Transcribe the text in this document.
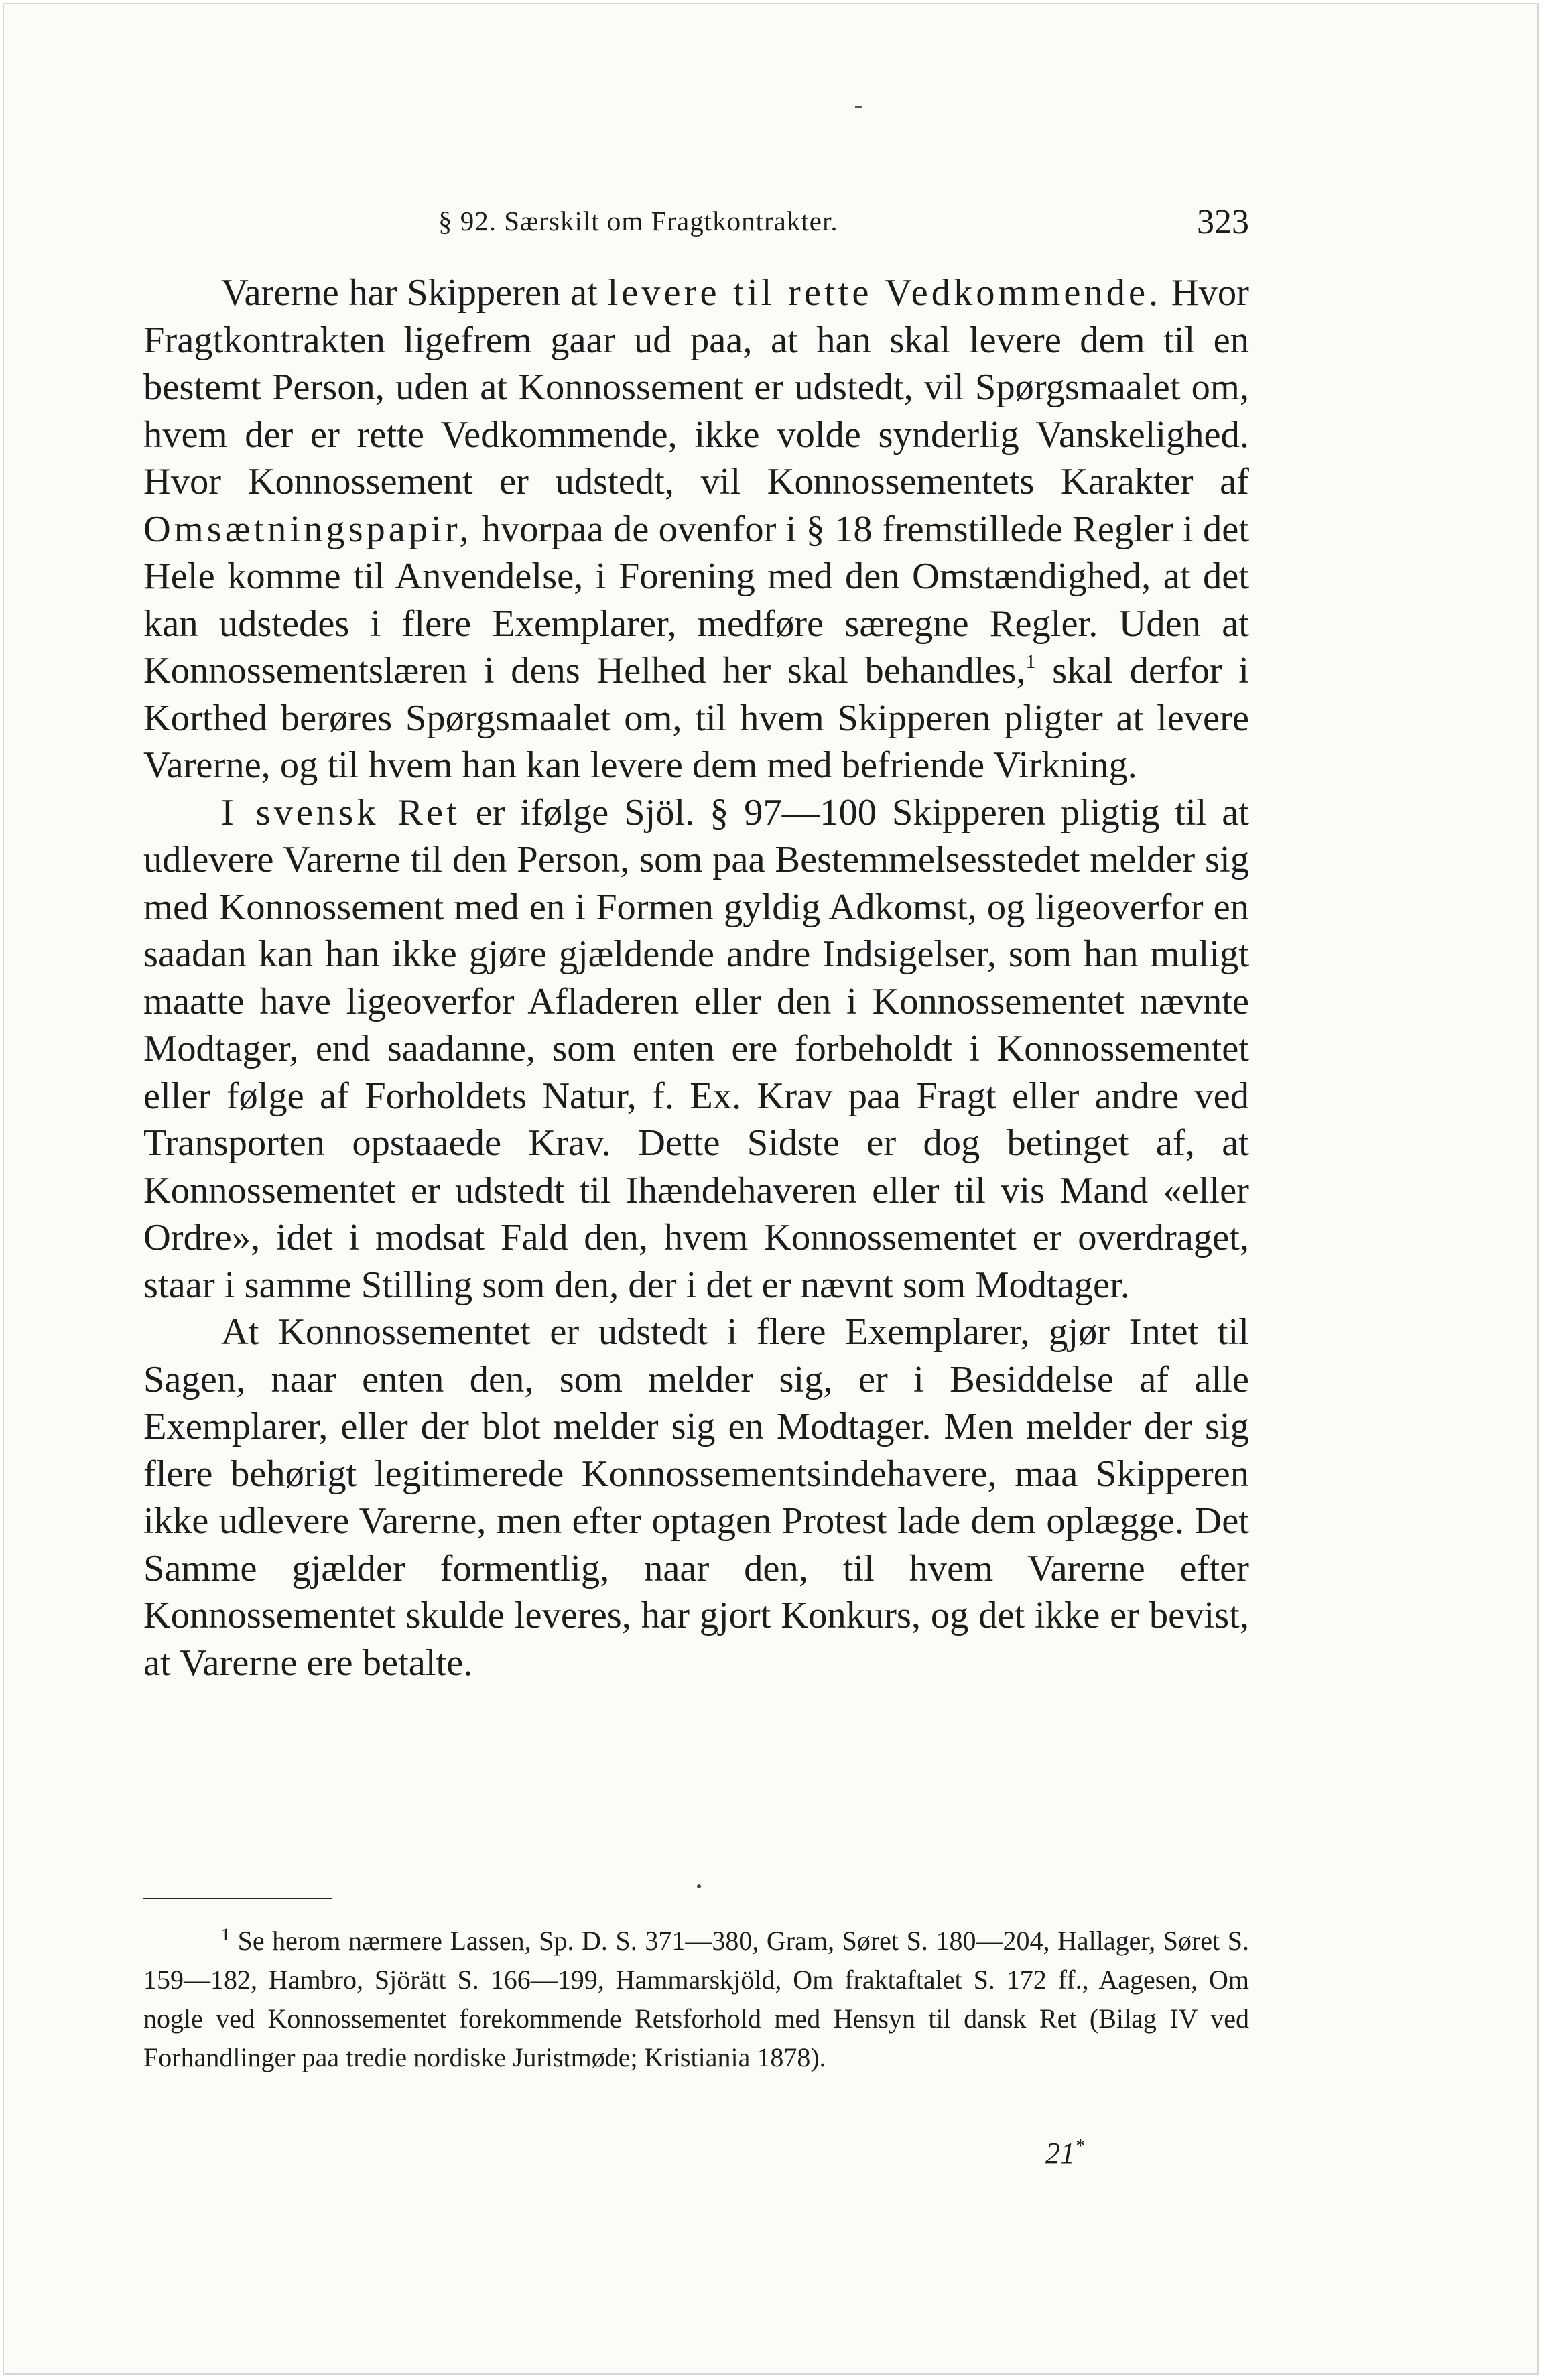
§ 92. Særskilt om Fragtkontrakter.	323

Varerne har Skipperen at levere til rette Vedkommende. Hvor Fragtkontrakten ligefrem gaar ud paa, at han skal levere dem til en bestemt Person, uden at Konnossement er udstedt, vil Spørgsmaalet om, hvem der er rette Vedkommende, ikke volde synderlig Vanskelighed. Hvor Konnossement er udstedt, vil Konnossementets Karakter af Omsætningspapir, hvorpaa de ovenfor i § 18 fremstillede Regler i det Hele komme til Anvendelse, i Forening med den Omstændighed, at det kan udstedes i flere Exemplarer, medføre særegne Regler. Uden at Konnossementslæren i dens Helhed her skal behandles,$^1$ skal derfor i Korthed berøres Spørgsmaalet om, til hvem Skipperen pligter at levere Varerne, og til hvem han kan levere dem med befriende Virkning.

I svensk Ret er ifølge Sjöl. § 97—100 Skipperen pligtig til at udlevere Varerne til den Person, som paa Bestemmelsesstedet melder sig med Konnossement med en i Formen gyldig Adkomst, og ligeoverfor en saadan kan han ikke gjøre gjældende andre Indsigelser, som han muligt maatte have ligeoverfor Afladeren eller den i Konnossementet nævnte Modtager, end saadanne, som enten ere forbeholdt i Konnossementet eller følge af Forholdets Natur, f. Ex. Krav paa Fragt eller andre ved Transporten opstaaede Krav. Dette Sidste er dog betinget af, at Konnossementet er udstedt til Ihændehaveren eller til vis Mand «eller Ordre», idet i modsat Fald den, hvem Konnossementet er overdraget, staar i samme Stilling som den, der i det er nævnt som Modtager.

At Konnossementet er udstedt i flere Exemplarer, gjør Intet til Sagen, naar enten den, som melder sig, er i Besiddelse af alle Exemplarer, eller der blot melder sig en Modtager. Men melder der sig flere behørigt legitimerede Konnossementsindehavere, maa Skipperen ikke udlevere Varerne, men efter optagen Protest lade dem oplægge. Det Samme gjælder formentlig, naar den, til hvem Varerne efter Konnossementet skulde leveres, har gjort Konkurs, og det ikke er bevist, at Varerne ere betalte.

$^1$ Se herom nærmere Lassen, Sp. D. S. 371—380, Gram, Søret S. 180—204, Hallager, Søret S. 159—182, Hambro, Sjörätt S. 166—199, Hammarskjöld, Om fraktaftalet S. 172 ff., Aagesen, Om nogle ved Konnossementet forekommende Retsforhold med Hensyn til dansk Ret (Bilag IV ved Forhandlinger paa tredie nordiske Juristmøde; Kristiania 1878).
21*
